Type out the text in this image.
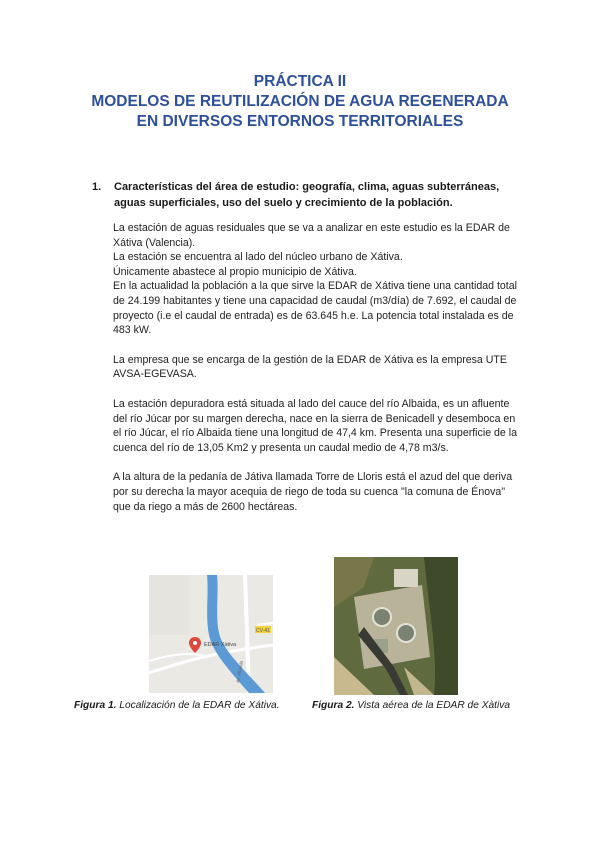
PRÁCTICA II
MODELOS DE REUTILIZACIÓN DE AGUA REGENERADA
EN DIVERSOS ENTORNOS TERRITORIALES
1. Características del área de estudio: geografía, clima, aguas subterráneas, aguas superficiales, uso del suelo y crecimiento de la población.

La estación de aguas residuales que se va a analizar en este estudio es la EDAR de Xátiva (Valencia).

La estación se encuentra al lado del núcleo urbano de Xátiva.

Únicamente abastece al propio municipio de Xátiva.

En la actualidad la población a la que sirve la EDAR de Xátiva tiene una cantidad total de 24.199 habitantes y tiene una capacidad de caudal (m3/día) de 7.692, el caudal de proyecto (i.e el caudal de entrada) es de 63.645 h.e. La potencia total instalada es de 483 kW.

La empresa que se encarga de la gestión de la EDAR de Xátiva es la empresa UTE AVSA-EGEVASA.

La estación depuradora está situada al lado del cauce del río Albaida, es un afluente del río Júcar por su margen derecha, nace en la sierra de Benicadell y desemboca en el río Júcar, el río Albaida tiene una longitud de 47,4 km. Presenta una superficie de la cuenca del río de 13,05 Km2 y presenta un caudal medio de 4,78 m3/s.

A la altura de la pedanía de Játiva llamada Torre de Lloris está el azud del que deriva por su derecha la mayor acequia de riego de toda su cuenca "la comuna de Énova" que da riego a más de 2600 hectáreas.

CV-41
EDAR Xàtiva
Av. Albaida
Figura 1. Localización de la EDAR de Xátiva.	Figura 2. Vista aérea de la EDAR de Xàtiva
